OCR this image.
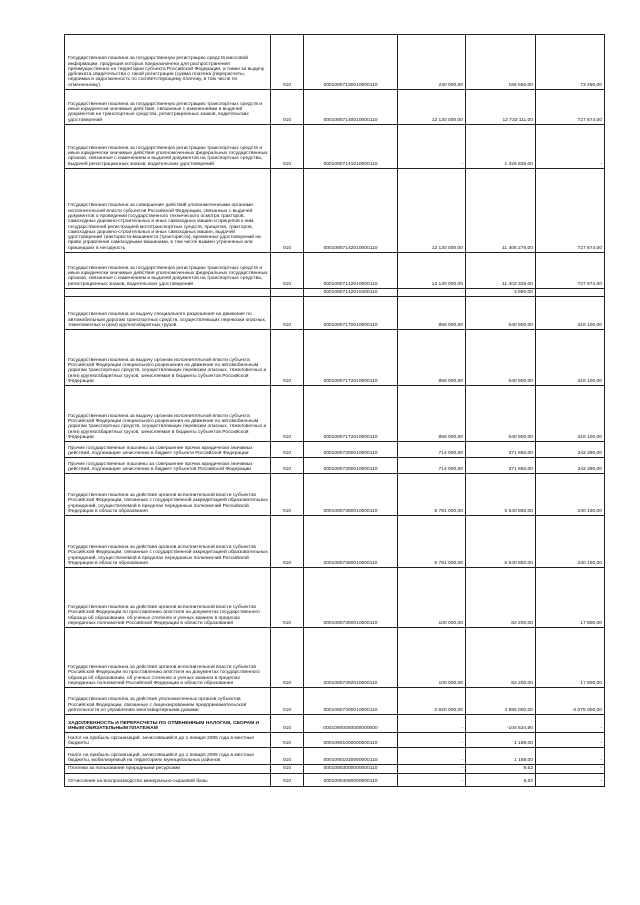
Государственная пошлина за государственную регистрацию средств массовой информации, продукция которых предназначена для распространения преимущественно на территории субъекта Российской Федерации, а также за выдачу дубликата свидетельства о такой регистрации (сумма платежа (перерасчеты, недоимка и задолженность по соответствующему платежу, в том числе по отмененному)	010	00010807130010000110	240 000,00	166 550,00	73 450,00
Государственная пошлина за государственную регистрацию транспортных средств и иные юридически значимые действия, связанные с изменениями и выдачей документов на транспортные средства, регистрационных знаков, водительских удостоверений	010	00010807140010000110	12 130 000,00	12 733 111,00	727 674,00
Государственная пошлина за государственную регистрацию транспортных средств и иные юридически значимые действия уполномоченных федеральных государственных органов, связанные с изменением и выдачей документов на транспортные средства, выдачей регистрационных знаков, водительских удостоверений	010	00010807141010000110	-	1 326 835,00	-
Государственная пошлина за совершение действий уполномоченными органами исполнительной власти субъектов Российской Федерации, связанных с выдачей документов о проведении государственного технического осмотра тракторов, самоходных дорожно-строительных и иных самоходных машин и прицепов к ним, государственной регистрацией мототранспортных средств, прицепов, тракторов, самоходных дорожно-строительных и иных самоходных машин, выдачей удостоверений тракториста-машиниста (тракториста), временных удостоверений на право управления самоходными машинами, в том числе взамен утраченных или пришедших в негодность	010	00010807142010000110	12 130 000,00	11 406 276,00	727 674,00
Государственная пошлина за государственную регистрацию транспортных средств и иные юридически значимые действия уполномоченных федеральных государственных органов, связанные с изменением и выдачей документов на транспортные средства, регистрационных знаков, водительских удостоверений	010	00010807142010000110	12 130 000,00	11 402 326,00	727 674,00
		00010807142010400110	-	3 950,00	
Государственная пошлина за выдачу специального разрешения на движение по автомобильным дорогам транспортных средств, осуществляющих перевозки опасных, тяжеловесных и (или) крупногабаритных грузов	010	00010807170010000110	859 000,00	540 900,00	318 100,00
Государственная пошлина за выдачу органом исполнительной власти субъекта Российской Федерации специального разрешения на движение по автомобильным дорогам транспортных средств, осуществляющих перевозки опасных, тяжеловесных и (или) крупногабаритных грузов, зачисляемая в бюджеты субъектов Российской Федерации	010	00010807172010000110	859 000,00	540 900,00	318 100,00
Государственная пошлина за выдачу органом исполнительной власти субъекта Российской Федерации специального разрешения на движение по автомобильным дорогам транспортных средств, осуществляющих перевозки опасных, тяжеловесных и (или) крупногабаритных грузов, зачисляемая в бюджеты субъектов Российской Федерации	010	00010807172010000110	859 000,00	540 900,00	318 100,00
Прочие государственные пошлины за совершение прочих юридически значимых действий, подлежащие зачислению в бюджет субъекта Российской Федерации	010	00010807300010000110	714 000,00	371 650,00	342 350,00
Прочие государственные пошлины за совершение прочих юридически значимых действий, подлежащие зачислению в бюджет субъектов Российской Федерации	010	00010807300010000110	714 000,00	371 650,00	342 350,00
Государственная пошлина за действия органов исполнительной власти субъектов Российской Федерации, связанные с государственной аккредитацией образовательных учреждений, осуществляемой в пределах переданных полномочий Российской Федерации в области образования	010	00010807380010000110	5 781 000,00	5 540 850,00	240 150,00
Государственная пошлина за действия органов исполнительной власти субъектов Российской Федерации, связанные с государственной аккредитацией образовательных учреждений, осуществляемой в пределах переданных полномочий Российской Федерации в области образования	010	00010807380010000110	5 781 000,00	5 540 850,00	240 150,00
Государственная пошлина за действия органов исполнительной власти субъектов Российской Федерации по проставлению апостиля на документах государственного образца об образовании, об ученых степенях и ученых званиях в пределах переданных полномочий Российской Федерации в области образования	010	00010807390010000110	100 000,00	82 200,00	17 800,00
Государственная пошлина за действия органов исполнительной власти субъектов Российской Федерации по проставлению апостиля на документах государственного образца об образовании, об ученых степенях и ученых званиях в пределах переданных полномочий Российской Федерации в области образования	010	00010807392010000110	100 000,00	82 200,00	17 800,00
Государственная пошлина за действия уполномоченных органов субъектов Российской Федерации, связанные с лицензированием предпринимательской деятельности по управлению многоквартирными домами	010	00010807400010000110	2 820 000,00	4 895 000,00	-2 075 000,00
ЗАДОЛЖЕННОСТЬ И ПЕРЕРАСЧЕТЫ ПО ОТМЕНЕННЫМ НАЛОГАМ, СБОРАМ И ИНЫМ ОБЯЗАТЕЛЬНЫМ ПЛАТЕЖАМ	010	00010900000000000000	-	-104 634,90	-
Налог на прибыль организаций, зачислявшийся до 1 января 2005 года в местные бюджеты	010	00010901000000000110	-	1 188,00	-
Налог на прибыль организаций, зачислявшийся до 1 января 2005 года в местные бюджеты, мобилизуемый на территориях муниципальных районов	010	00010901030050000110	-	1 188,00	-
Платежи за пользование природными ресурсами	010	00010903000000000110	-	9,53	-
Отчисления на воспроизводство минерально-сырьевой базы	010	00010903080000000110	-	9,53	-
